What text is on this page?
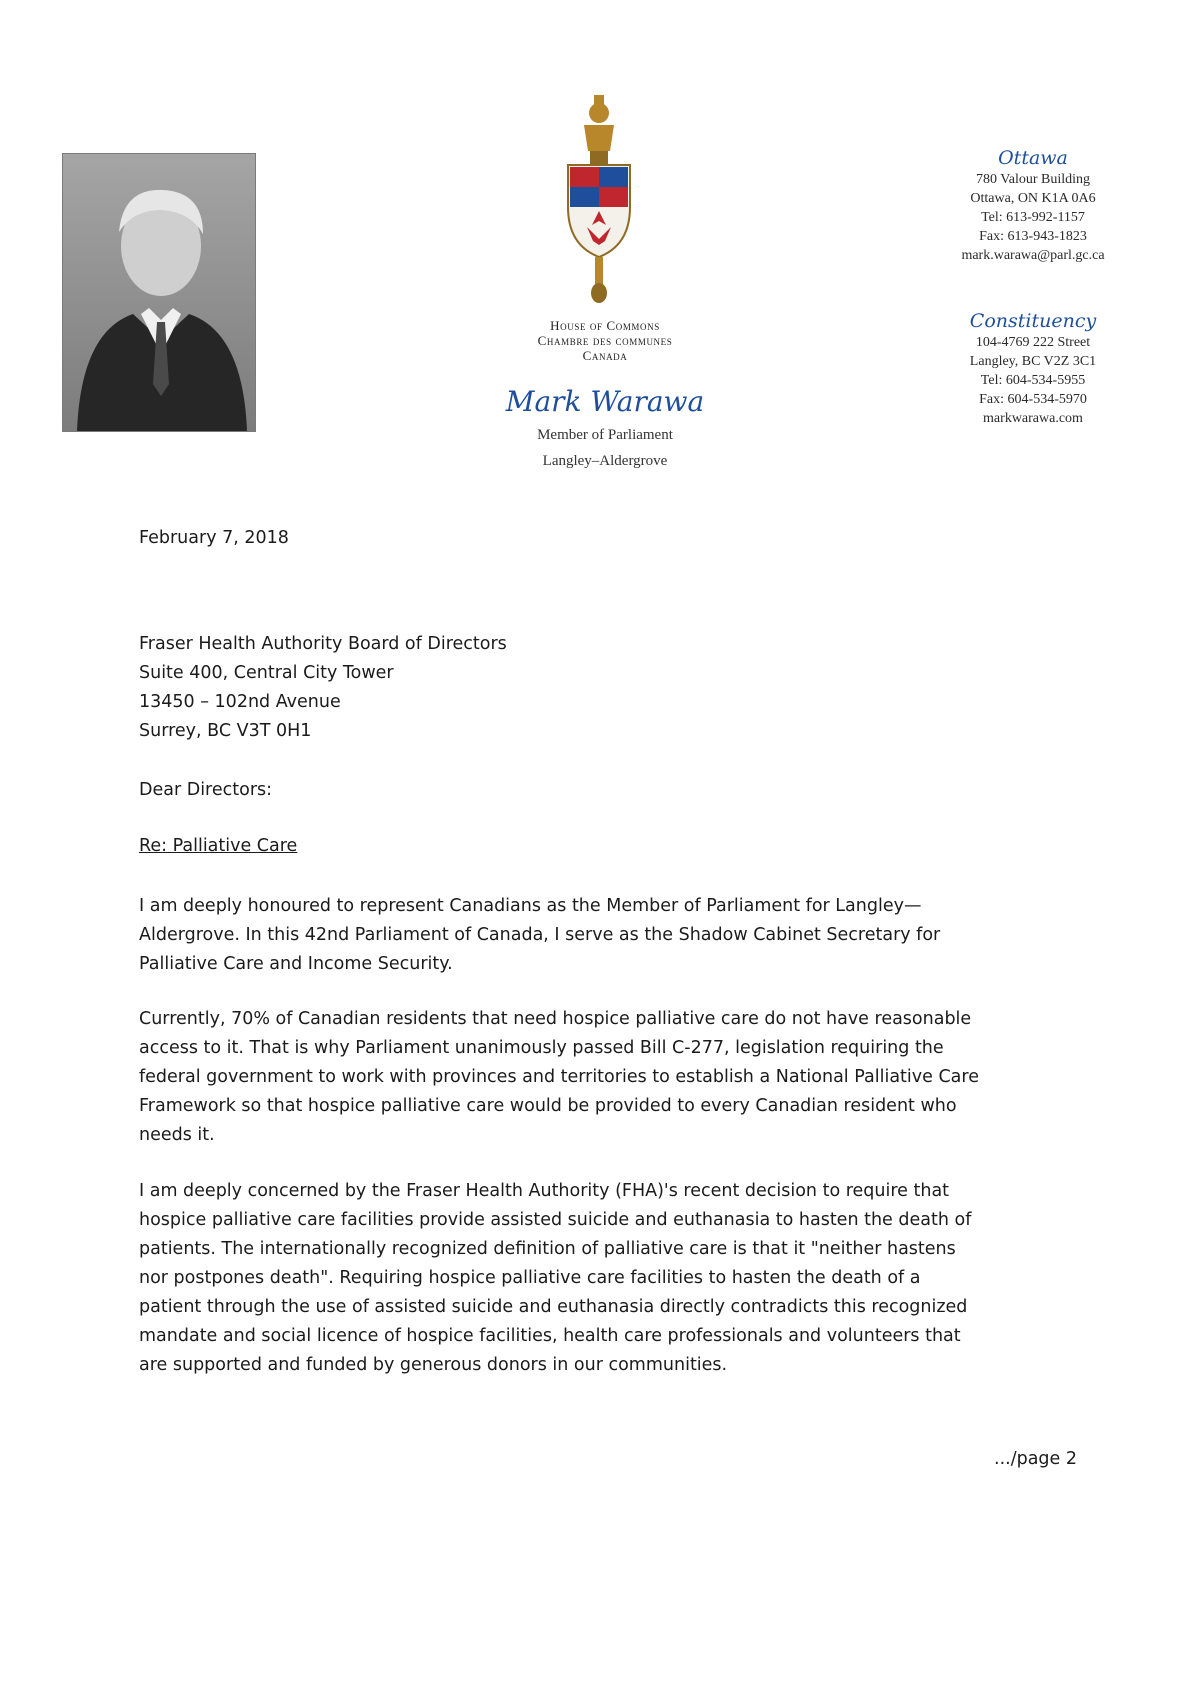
House of Commons
Chambre des communes
Canada
Mark Warawa
Member of Parliament
Langley–Aldergrove
Ottawa
780 Valour Building
Ottawa, ON K1A 0A6
Tel: 613-992-1157
Fax: 613-943-1823
mark.warawa@parl.gc.ca
Constituency
104-4769 222 Street
Langley, BC V2Z 3C1
Tel: 604-534-5955
Fax: 604-534-5970
markwarawa.com
February 7, 2018
Fraser Health Authority Board of Directors
Suite 400, Central City Tower
13450 – 102nd Avenue
Surrey, BC V3T 0H1
Dear Directors:
Re: Palliative Care
I am deeply honoured to represent Canadians as the Member of Parliament for Langley—
Aldergrove. In this 42nd Parliament of Canada, I serve as the Shadow Cabinet Secretary for
Palliative Care and Income Security.
Currently, 70% of Canadian residents that need hospice palliative care do not have reasonable
access to it. That is why Parliament unanimously passed Bill C-277, legislation requiring the
federal government to work with provinces and territories to establish a National Palliative Care
Framework so that hospice palliative care would be provided to every Canadian resident who
needs it.
I am deeply concerned by the Fraser Health Authority (FHA)'s recent decision to require that
hospice palliative care facilities provide assisted suicide and euthanasia to hasten the death of
patients. The internationally recognized definition of palliative care is that it "neither hastens
nor postpones death". Requiring hospice palliative care facilities to hasten the death of a
patient through the use of assisted suicide and euthanasia directly contradicts this recognized
mandate and social licence of hospice facilities, health care professionals and volunteers that
are supported and funded by generous donors in our communities.
.../page 2
